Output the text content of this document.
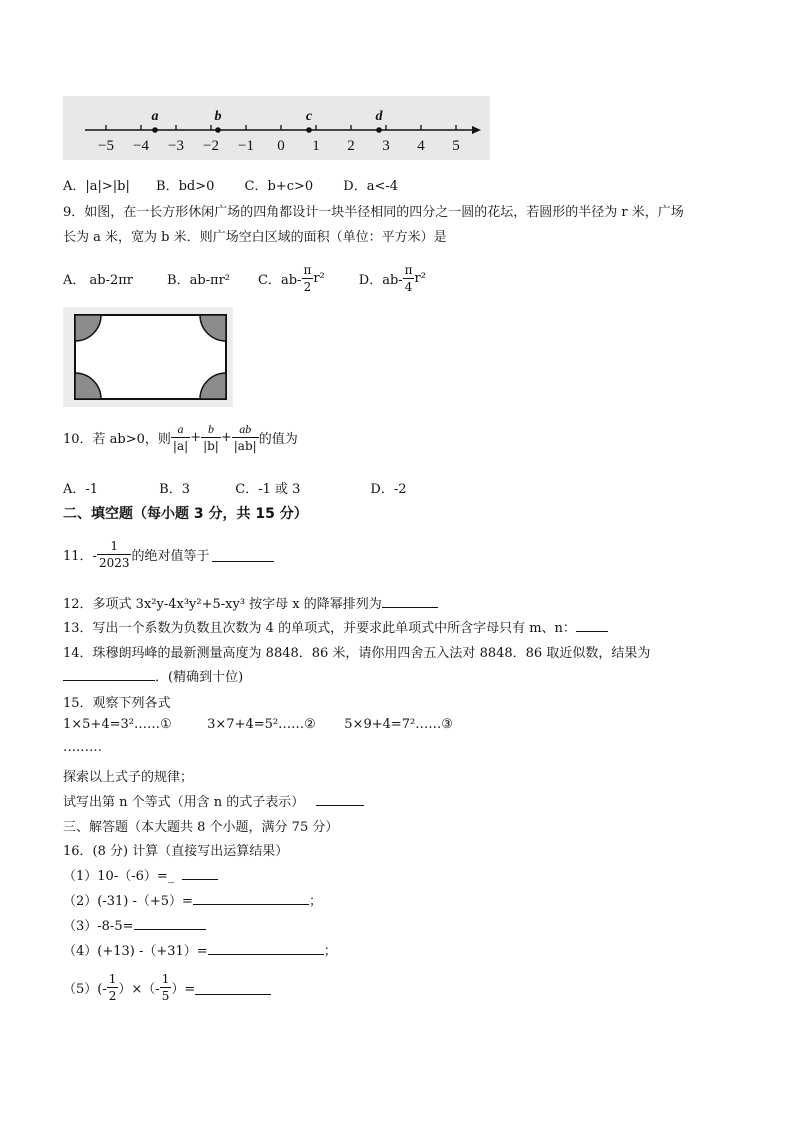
−5 −4 −3 −2 −1 0 1 2 3 4 5
a	b	c	d
A．|a|>|b| B．bd>0 C．b+c>0 D．a<-4
9．如图，在一长方形休闲广场的四角都设计一块半径相同的四分之一圆的花坛，若圆形的半径为 r 米，广场
长为 a 米，宽为 b 米．则广场空白区域的面积（单位：平方米）是
A． ab-2πr	B．ab-πr² C．$ab- \frac{\pi}{2} r^2$	D．$ab- \frac{\pi}{4} r^2$
10．若 ab>0，则 $\frac{a}{|a|} + \frac{b}{|b|} + \frac{ab}{|ab|}$ 的值为
A．-1	B．3	C．-1 或 3	D．-2
二、填空题（每小题 3 分，共 15 分）
11．- $\frac{1}{2023}$ 的绝对值等于
12．多项式 3x²y-4x³y²+5-xy³ 按字母 x 的降幂排列为
13．写出一个系数为负数且次数为 4 的单项式，并要求此单项式中所含字母只有 m、n：
14．珠穆朗玛峰的最新测量高度为 8848．86 米，请你用四舍五入法对 8848．86 取近似数，结果为
．(精确到十位)
15．观察下列各式
1×5+4=3²……①	3×7+4=5²……② 5×9+4=7²……③
………
探索以上式子的规律；
试写出第 n 个等式（用含 n 的式子表示）
三、解答题（本大题共 8 个小题，满分 75 分）
16．(8 分) 计算（直接写出运算结果）
（1）10-（-6）=_
（2）(-31) -（+5）=	；
（3）-8-5=
（4）(+13) -（+31）=	；
$(5)(- \frac{1}{2}$ ）×（- $\frac{1}{5}$ ）=
